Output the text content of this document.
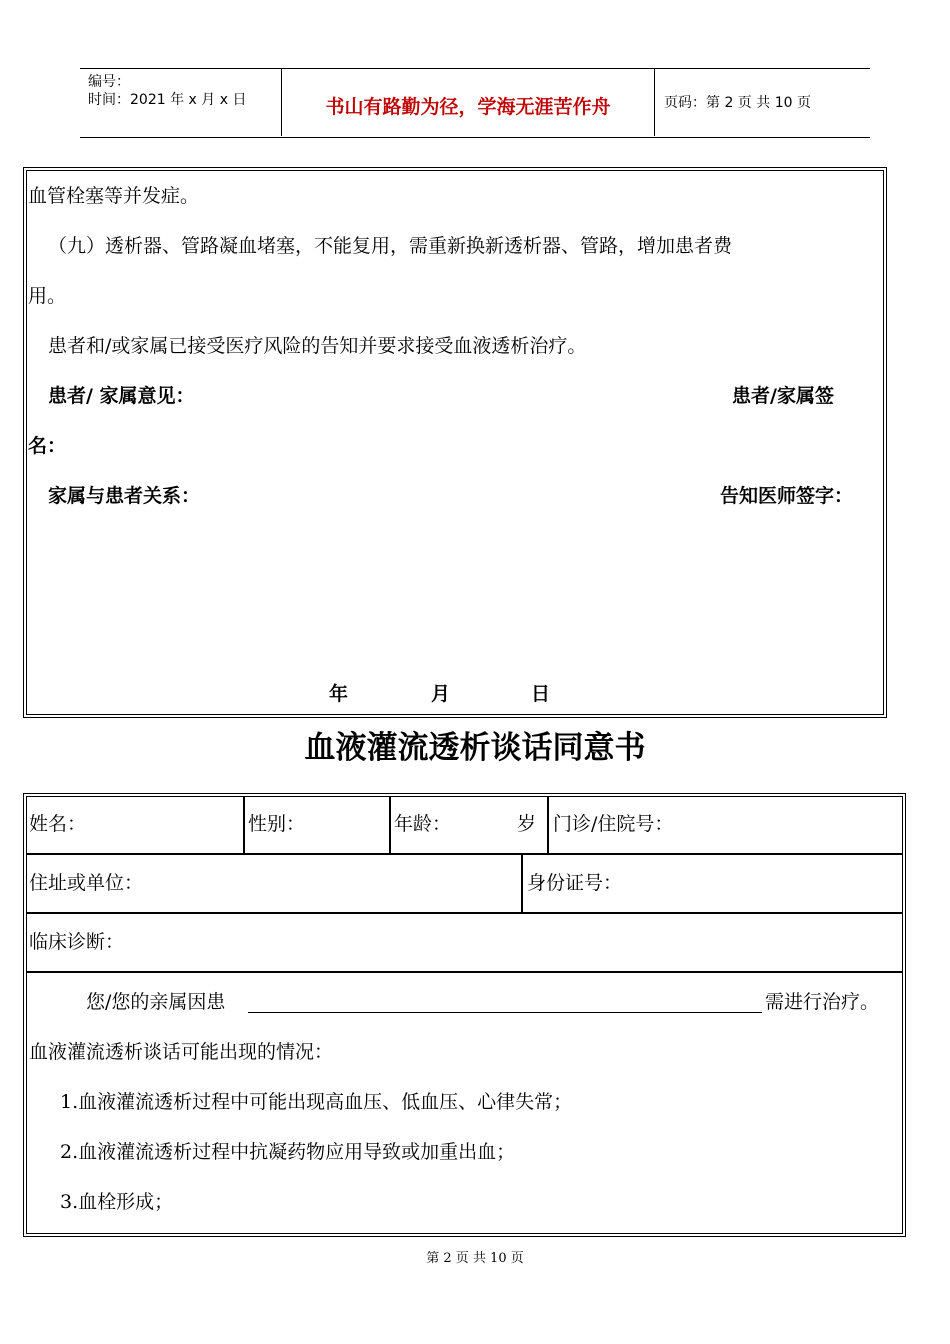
编号：
时间：2021 年 x 月 x 日	书山有路勤为径，学海无涯苦作舟	页码：第 2 页 共 10 页
血管栓塞等并发症。
（九）透析器、管路凝血堵塞，不能复用，需重新换新透析器、管路，增加患者费
用。
患者和/或家属已接受医疗风险的告知并要求接受血液透析治疗。
患者/ 家属意见：	患者/家属签
名：
家属与患者关系：	告知医师签字：
年	月	日
血液灌流透析谈话同意书
姓名：	性别：	年龄：	岁 门诊/住院号：
住址或单位：	身份证号：
临床诊断：
您/您的亲属因患	需进行治疗。
血液灌流透析谈话可能出现的情况：
1.血液灌流透析过程中可能出现高血压、低血压、心律失常；
2.血液灌流透析过程中抗凝药物应用导致或加重出血；
3.血栓形成；
第 2 页 共 10 页
